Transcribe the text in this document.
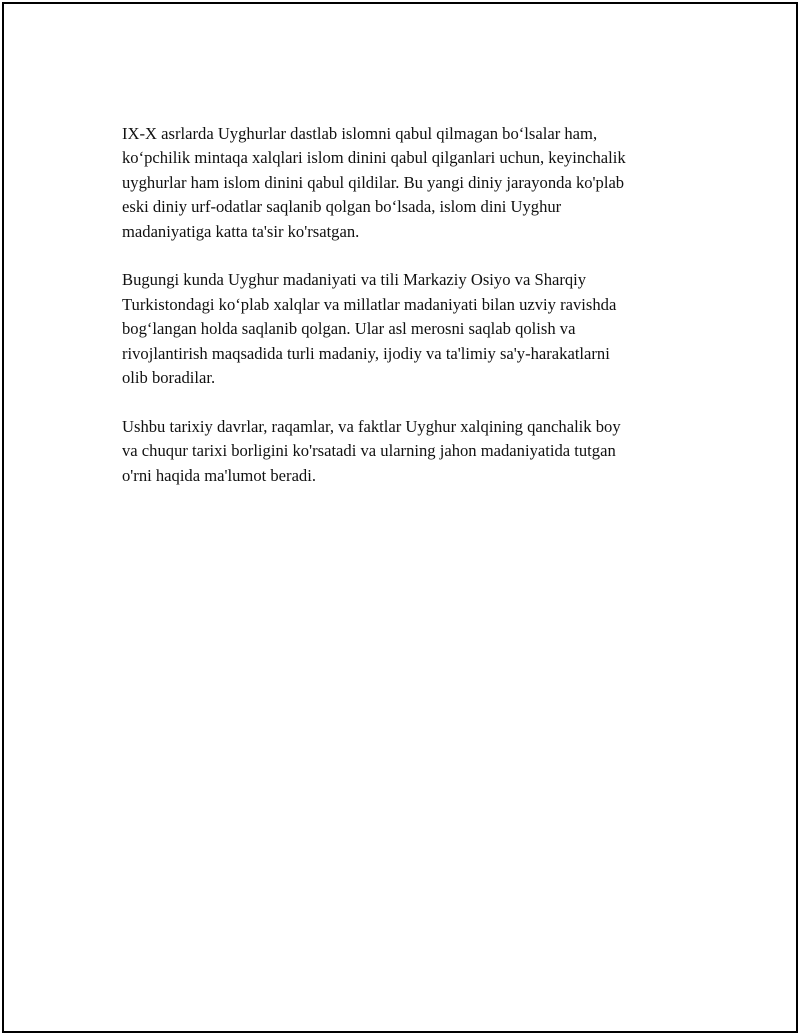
IX-X asrlarda Uyghurlar dastlab islomni qabul qilmagan bo‘lsalar ham,
ko‘pchilik mintaqa xalqlari islom dinini qabul qilganlari uchun, keyinchalik
uyghurlar ham islom dinini qabul qildilar. Bu yangi diniy jarayonda ko'plab
eski diniy urf-odatlar saqlanib qolgan bo‘lsada, islom dini Uyghur
madaniyatiga katta ta'sir ko'rsatgan.

Bugungi kunda Uyghur madaniyati va tili Markaziy Osiyo va Sharqiy
Turkistondagi ko‘plab xalqlar va millatlar madaniyati bilan uzviy ravishda
bog‘langan holda saqlanib qolgan. Ular asl merosni saqlab qolish va
rivojlantirish maqsadida turli madaniy, ijodiy va ta'limiy sa'y-harakatlarni
olib boradilar.

Ushbu tarixiy davrlar, raqamlar, va faktlar Uyghur xalqining qanchalik boy
va chuqur tarixi borligini ko'rsatadi va ularning jahon madaniyatida tutgan
o'rni haqida ma'lumot beradi.
